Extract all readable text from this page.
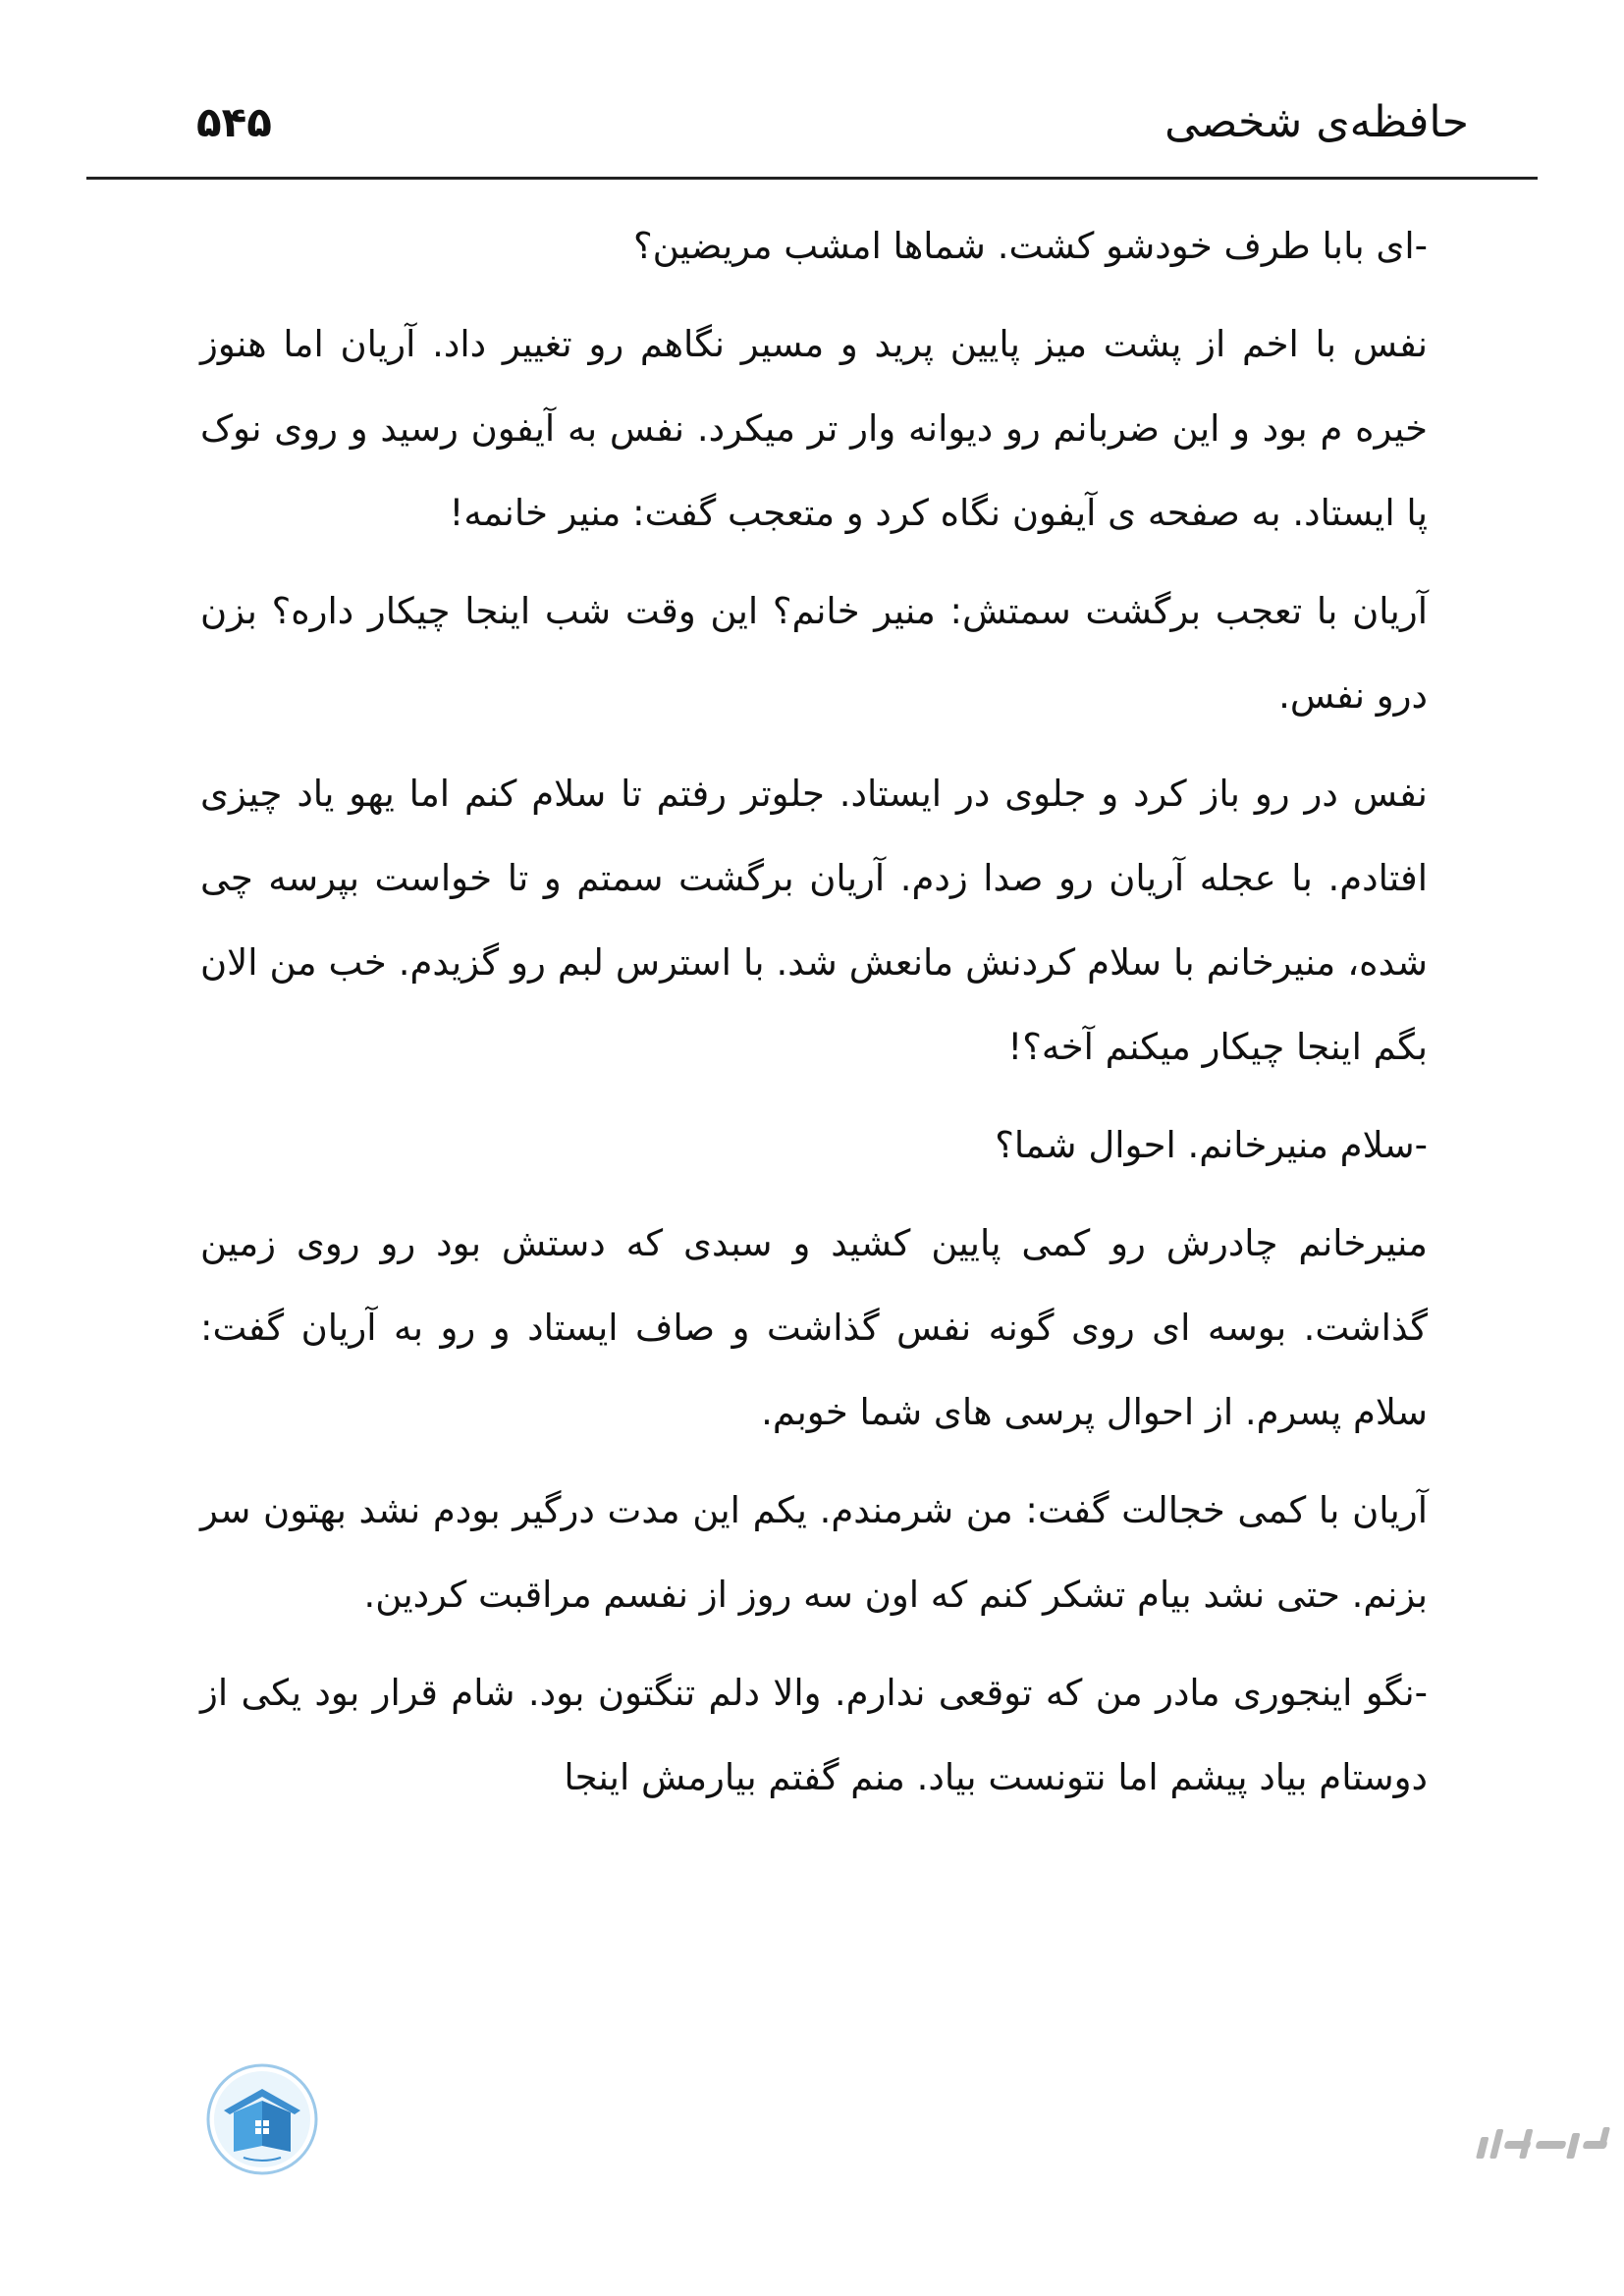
حافظه‌ی شخصی
۵۴۵

-ای بابا طرف خودشو کشت. شماها امشب مریضین؟

نفس با اخم از پشت میز پایین پرید و مسیر نگاهم رو تغییر داد. آریان اما هنوز خیره م بود و این ضربانم رو دیوانه وار تر میکرد. نفس به آیفون رسید و روی نوک پا ایستاد. به صفحه ی آیفون نگاه کرد و متعجب گفت: منیر خانمه!

آریان با تعجب برگشت سمتش: منیر خانم؟ این وقت شب اینجا چیکار داره؟ بزن درو نفس.

نفس در رو باز کرد و جلوی در ایستاد. جلوتر رفتم تا سلام کنم اما یهو یاد چیزی افتادم. با عجله آریان رو صدا زدم. آریان برگشت سمتم و تا خواست بپرسه چی شده، منیرخانم با سلام کردنش مانعش شد. با استرس لبم رو گزیدم. خب من الان بگم اینجا چیکار میکنم آخه؟!

-سلام منیرخانم. احوال شما؟

منیرخانم چادرش رو کمی پایین کشید و سبدی که دستش بود رو روی زمین گذاشت. بوسه ای روی گونه نفس گذاشت و صاف ایستاد و رو به آریان گفت: سلام پسرم. از احوال پرسی های شما خوبم.

آریان با کمی خجالت گفت: من شرمندم. یکم این مدت درگیر بودم نشد بهتون سر بزنم. حتی نشد بیام تشکر کنم که اون سه روز از نفسم مراقبت کردین.

-نگو اینجوری مادر من که توقعی ندارم. والا دلم تنگتون بود. شام قرار بود یکی از دوستام بیاد پیشم اما نتونست بیاد. منم گفتم بیارمش اینجا
